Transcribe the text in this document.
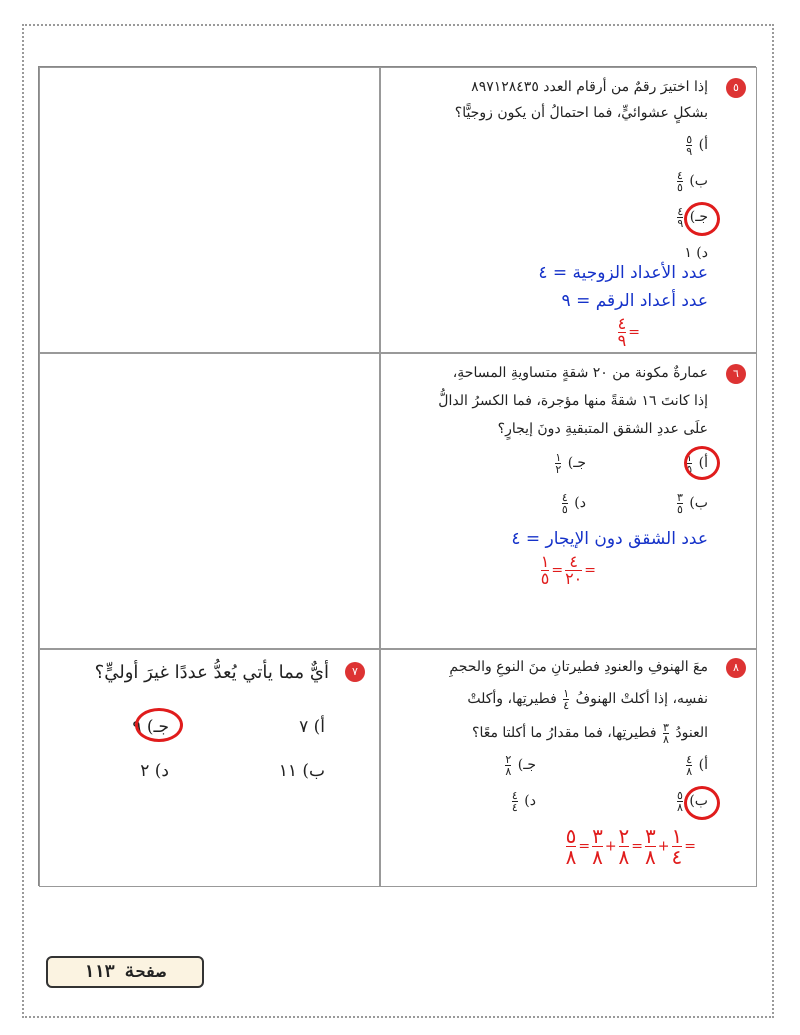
٥
إذا اختيرَ رقمٌ من أرقام العدد ٨٩٧١٢٨٤٣٥
بشكلٍ عشوائيٍّ، فما احتمالُ أن يكون زوجيًّا؟
أ)
$\frac{٥}{٩}$
ب)
$\frac{٤}{٥}$
جـ)
$\frac{٤}{٩}$
د) ١
عدد الأعداد الزوجية = ٤
عدد أعداد الرقم = ٩
$\frac{٤}{٩}$ =
٦
عمارةٌ مكونة من ٢٠ شقةٍ متساويةِ المساحةِ،
إذا كانتَ ١٦ شقةً منها مؤجرة، فما الكسرُ الدالُّ
علَى عددِ الشقق المتبقيةِ دونَ إيجارٍ؟
أ)
$\frac{١}{٥}$
جـ)
$\frac{١}{٢}$
ب)
$\frac{٣}{٥}$
د)
$\frac{٤}{٥}$
عدد الشقق دون الإيجار = ٤
$\frac{١}{٥} = \frac{٤}{٢٠}$ =
٨
معَ الهنوفِ والعنودِ فطيرتانِ منَ النوعِ والحجمِ
نفسِه، إذا أكلتْ الهنوفُ
$\frac{١}{٤}$
فطيرتِها، وأكلتْ
العنودُ
$\frac{٣}{٨}$
فطيرتِها، فما مقدارُ ما أكلتا معًا؟
أ)
$\frac{٤}{٨}$
جـ)
$\frac{٢}{٨}$
ب)
$\frac{٥}{٨}$
د)
$\frac{٤}{٤}$
$\frac{٥}{٨} = \frac{٣}{٨} + \frac{٢}{٨} = \frac{٣}{٨} + \frac{١}{٤}$ =
٧
أيٌّ مما يأتي يُعدُّ عددًا غيرَ أوليٍّ؟
أ) ٧
جـ) ٩
ب) ١١
د) ٢
صفحة ١١٣
